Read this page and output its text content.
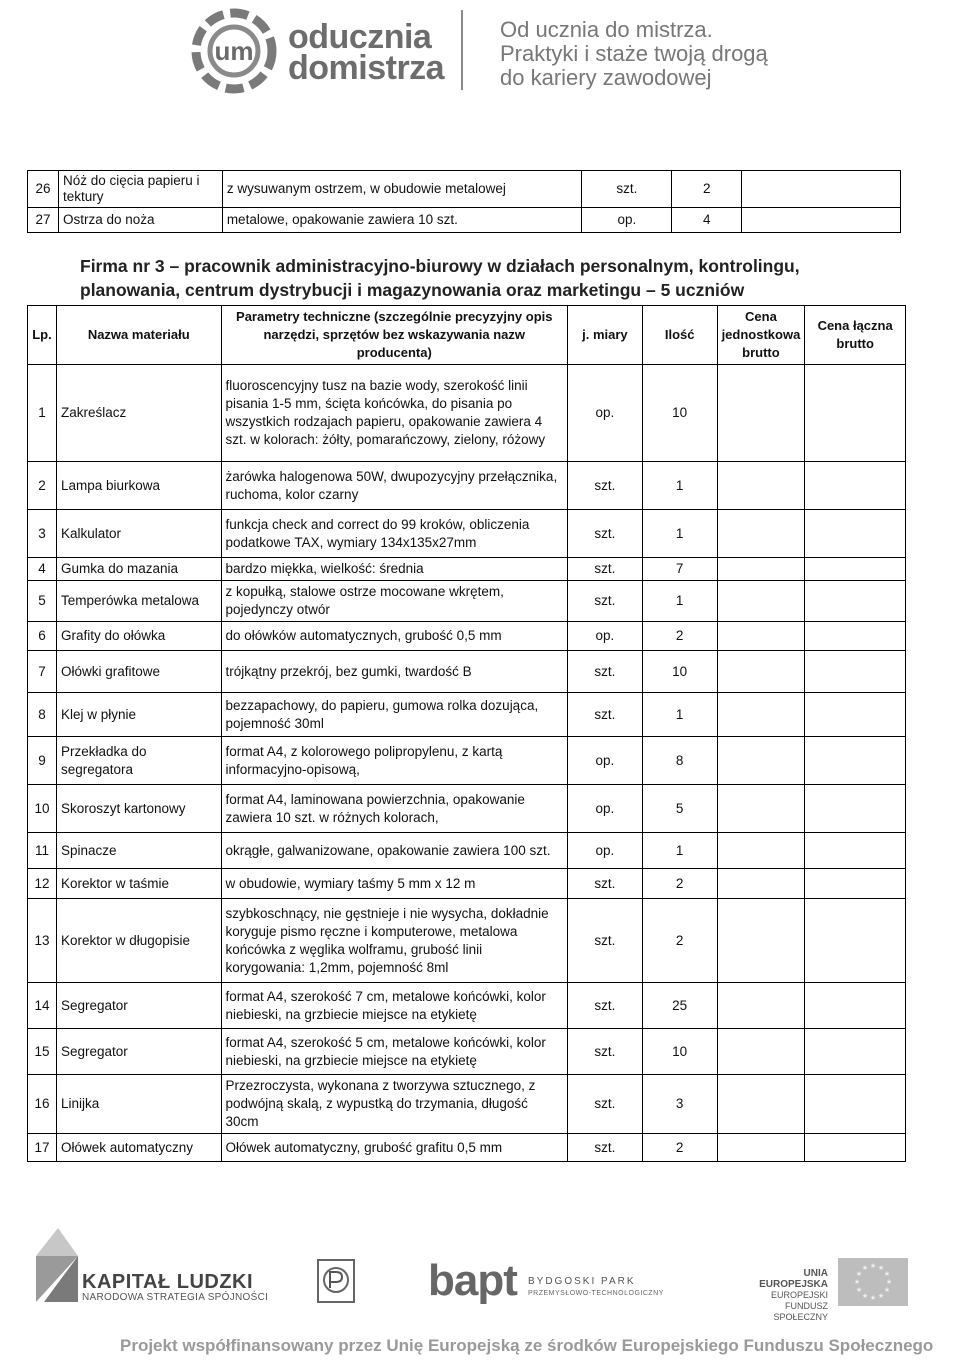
um oducznia
domistrza
Od ucznia do mistrza.
Praktyki i staże twoją drogą
do kariery zawodowej
26	Nóż do cięcia papieru i tektury	z wysuwanym ostrzem, w obudowie metalowej	szt.	2	
27	Ostrza do noża	metalowe, opakowanie zawiera 10 szt.	op.	4	
Firma nr 3 – pracownik administracyjno-biurowy w działach personalnym, kontrolingu, planowania, centrum dystrybucji i magazynowania oraz marketingu – 5 uczniów
Lp.	Nazwa materiału	Parametry techniczne (szczególnie precyzyjny opis narzędzi, sprzętów bez wskazywania nazw producenta)	j. miary	Ilość	Cena jednostkowa brutto	Cena łączna brutto
1	Zakreślacz	fluoroscencyjny tusz na bazie wody, szerokość linii pisania 1-5 mm, ścięta końcówka, do pisania po wszystkich rodzajach papieru, opakowanie zawiera 4 szt. w kolorach: żółty, pomarańczowy, zielony, różowy	op.	10		
2	Lampa biurkowa	żarówka halogenowa 50W, dwupozycyjny przełącznika, ruchoma, kolor czarny	szt.	1		
3	Kalkulator	funkcja check and correct do 99 kroków, obliczenia podatkowe TAX, wymiary 134x135x27mm	szt.	1		
4	Gumka do mazania	bardzo miękka, wielkość: średnia	szt.	7		
5	Temperówka metalowa	z kopułką, stalowe ostrze mocowane wkrętem, pojedynczy otwór	szt.	1		
6	Grafity do ołówka	do ołówków automatycznych, grubość 0,5 mm	op.	2		
7	Ołówki grafitowe	trójkątny przekrój, bez gumki, twardość B	szt.	10		
8	Klej w płynie	bezzapachowy, do papieru, gumowa rolka dozująca, pojemność 30ml	szt.	1		
9	Przekładka do segregatora	format A4, z kolorowego polipropylenu, z kartą informacyjno-opisową,	op.	8		
10	Skoroszyt kartonowy	format A4, laminowana powierzchnia, opakowanie zawiera 10 szt. w różnych kolorach,	op.	5		
11	Spinacze	okrągłe, galwanizowane, opakowanie zawiera 100 szt.	op.	1		
12	Korektor w taśmie	w obudowie, wymiary taśmy 5 mm x 12 m	szt.	2		
13	Korektor w długopisie	szybkoschnący, nie gęstnieje i nie wysycha, dokładnie koryguje pismo ręczne i komputerowe, metalowa końcówka z węglika wolframu, grubość linii korygowania: 1,2mm, pojemność 8ml	szt.	2		
14	Segregator	format A4, szerokość 7 cm, metalowe końcówki, kolor niebieski, na grzbiecie miejsce na etykietę	szt.	25		
15	Segregator	format A4, szerokość 5 cm, metalowe końcówki, kolor niebieski, na grzbiecie miejsce na etykietę	szt.	10		
16	Linijka	Przezroczysta, wykonana z tworzywa sztucznego, z podwójną skalą, z wypustką do trzymania, długość 30cm	szt.	3		
17	Ołówek automatyczny	Ołówek automatyczny, grubość grafitu 0,5 mm	szt.	2		
KAPITAŁ LUDZKI
NARODOWA STRATEGIA SPÓJNOŚCI	bapt BYDGOSKI PARK
PRZEMYSŁOWO-TECHNOLOGICZNY
UNIA EUROPEJSKA
EUROPEJSKI
FUNDUSZ SPOŁECZNY
★ ★
★
★
★
★
★
★
★
★
★
★
Projekt współfinansowany przez Unię Europejską ze środków Europejskiego Funduszu Społecznego
